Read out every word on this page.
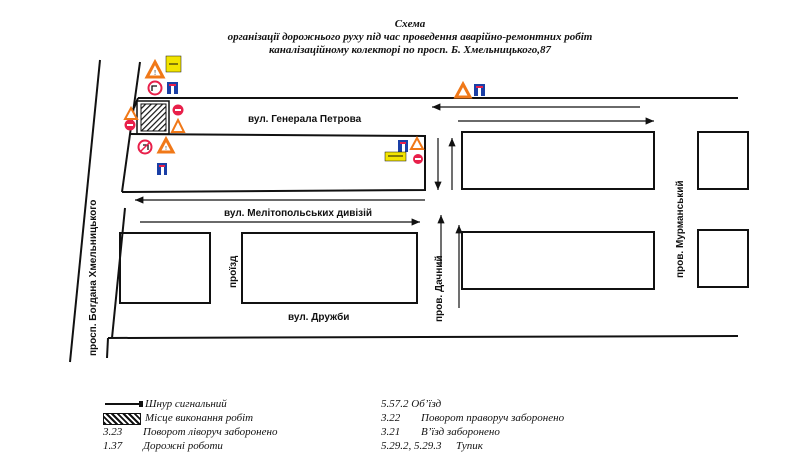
Схема
організації дорожнього руху під час проведення аварійно-ремонтних робіт
каналізаційному колекторі по просп. Б. Хмельницького,87
!
!
вул. Генерала Петрова
вул. Мелітопольських дивізій
вул. Дружби
просп. Богдана Хмельницького	проїзд	пров. Дачний
пров. Мурманський
Шнур сигнальний
Місце виконання робіт
3.23 Поворот ліворуч заборонено
1.37 Дорожні роботи
5.57.2 Об’їзд
3.22 Поворот праворуч заборонено
3.21 В’їзд заборонено
5.29.2, 5.29.3 Тупик
